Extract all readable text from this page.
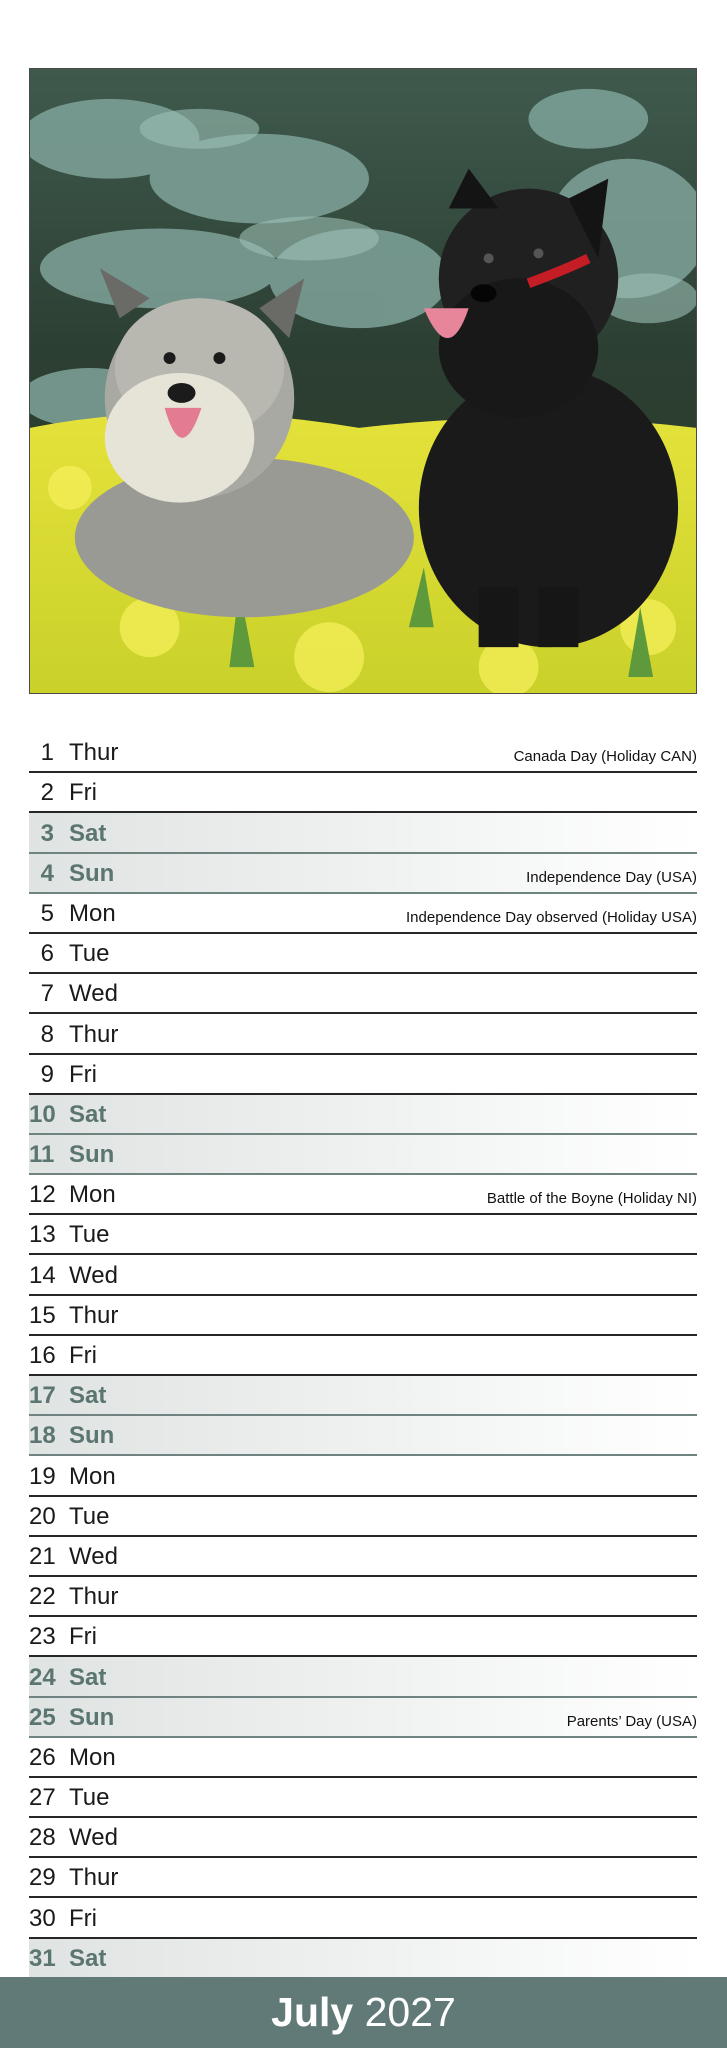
1 Thur	Canada Day (Holiday CAN)
2 Fri
3 Sat
4 Sun	Independence Day (USA)
5 Mon	Independence Day observed (Holiday USA)
6 Tue
7 Wed
8 Thur
9 Fri
10 Sat
11 Sun
12 Mon	Battle of the Boyne (Holiday NI)
13 Tue
14 Wed
15 Thur
16 Fri
17 Sat
18 Sun
19 Mon
20 Tue
21 Wed
22 Thur
23 Fri
24 Sat
25 Sun	Parents’ Day (USA)
26 Mon
27 Tue
28 Wed
29 Thur
30 Fri
31 Sat
July 2027
